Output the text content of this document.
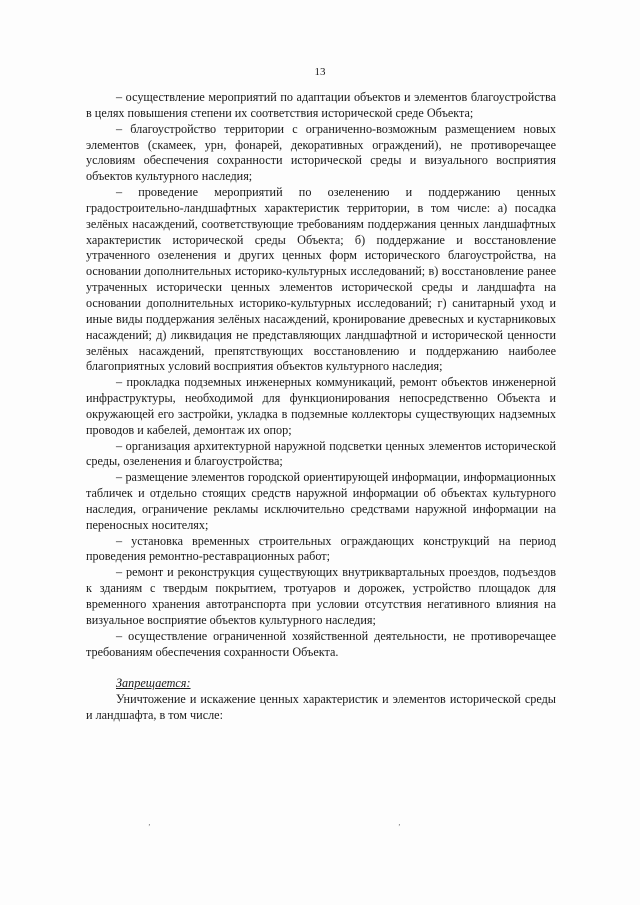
13

– осуществление мероприятий по адаптации объектов и элементов благоустройства в целях повышения степени их соответствия исторической среде Объекта;

– благоустройство территории с ограниченно-возможным размещением новых элементов (скамеек, урн, фонарей, декоративных ограждений), не противоречащее условиям обеспечения сохранности исторической среды и визуального восприятия объектов культурного наследия;

– проведение мероприятий по озеленению и поддержанию ценных градостроительно-ландшафтных характеристик территории, в том числе: а) посадка зелёных насаждений, соответствующие требованиям поддержания ценных ландшафтных характеристик исторической среды Объекта; б) поддержание и восстановление утраченного озеленения и других ценных форм исторического благоустройства, на основании дополнительных историко-культурных исследований; в) восстановление ранее утраченных исторически ценных элементов исторической среды и ландшафта на основании дополнительных историко-культурных исследований; г) санитарный уход и иные виды поддержания зелёных насаждений, кронирование древесных и кустарниковых насаждений; д) ликвидация не представляющих ландшафтной и исторической ценности зелёных насаждений, препятствующих восстановлению и поддержанию наиболее благоприятных условий восприятия объектов культурного наследия;

– прокладка подземных инженерных коммуникаций, ремонт объектов инженерной инфраструктуры, необходимой для функционирования непосредственно Объекта и окружающей его застройки, укладка в подземные коллекторы существующих надземных проводов и кабелей, демонтаж их опор;

– организация архитектурной наружной подсветки ценных элементов исторической среды, озеленения и благоустройства;

– размещение элементов городской ориентирующей информации, информационных табличек и отдельно стоящих средств наружной информации об объектах культурного наследия, ограничение рекламы исключительно средствами наружной информации на переносных носителях;

– установка временных строительных ограждающих конструкций на период проведения ремонтно-реставрационных работ;

– ремонт и реконструкция существующих внутриквартальных проездов, подъездов к зданиям с твердым покрытием, тротуаров и дорожек, устройство площадок для временного хранения автотранспорта при условии отсутствия негативного влияния на визуальное восприятие объектов культурного наследия;

– осуществление ограниченной хозяйственной деятельности, не противоречащее требованиям обеспечения сохранности Объекта.

Запрещается:

Уничтожение и искажение ценных характеристик и элементов исторической среды и ландшафта, в том числе:

‚	‚
